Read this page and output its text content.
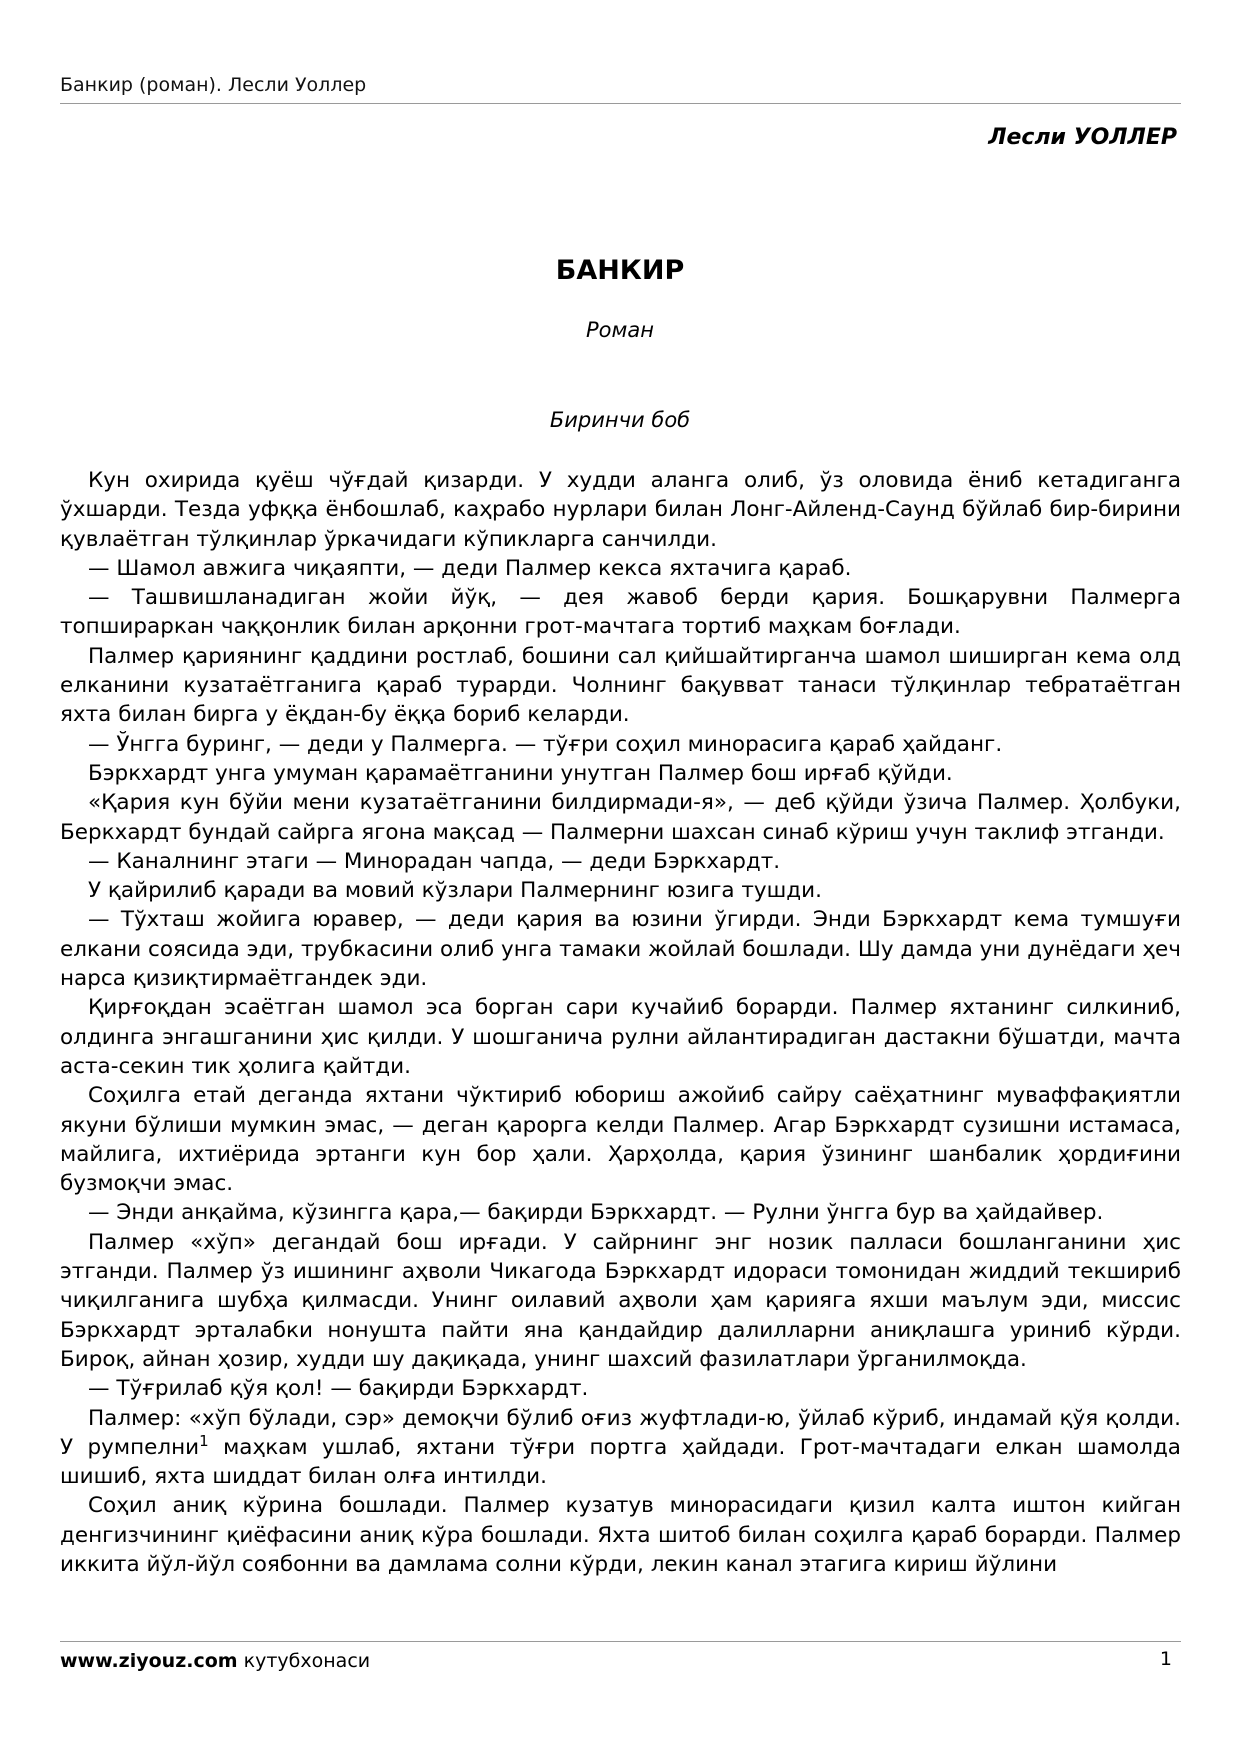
Банкир (роман). Лесли Уоллер
Лесли УОЛЛЕР
БАНКИР
Роман
Биринчи боб

Кун охирида қуёш чўғдай қизарди. У худди аланга олиб, ўз оловида ёниб кетадиганга ўхшарди. Тезда уфққа ёнбошлаб, каҳрабо нурлари билан Лонг-Айленд-Саунд бўйлаб бир-бирини қувлаётган тўлқинлар ўркачидаги кўпикларга санчилди.

— Шамол авжига чиқаяпти, — деди Палмер кекса яхтачига қараб.

— Ташвишланадиган жойи йўқ, — дея жавоб берди қария. Бошқарувни Палмерга топшираркан чаққонлик билан арқонни грот-мачтага тортиб маҳкам боғлади.

Палмер қариянинг қаддини ростлаб, бошини сал қийшайтирганча шамол шиширган кема олд елканини кузатаётганига қараб турарди. Чолнинг бақувват танаси тўлқинлар тебратаётган яхта билан бирга у ёқдан-бу ёққа бориб келарди.

— Ўнгга буринг, — деди у Палмерга. — тўғри соҳил минорасига қараб ҳайданг.

Бэркхардт унга умуман қарамаётганини унутган Палмер бош ирғаб қўйди.

«Қария кун бўйи мени кузатаётганини билдирмади-я», — деб қўйди ўзича Палмер. Ҳолбуки, Беркхардт бундай сайрга ягона мақсад — Палмерни шахсан синаб кўриш учун таклиф этганди.

— Каналнинг этаги — Минорадан чапда, — деди Бэркхардт.

У қайрилиб қаради ва мовий кўзлари Палмернинг юзига тушди.

— Тўхташ жойига юравер, — деди қария ва юзини ўгирди. Энди Бэркхардт кема тумшуғи елкани соясида эди, трубкасини олиб унга тамаки жойлай бошлади. Шу дамда уни дунёдаги ҳеч нарса қизиқтирмаётгандек эди.

Қирғоқдан эсаётган шамол эса борган сари кучайиб борарди. Палмер яхтанинг силкиниб, олдинга энгашганини ҳис қилди. У шошганича рулни айлантирадиган дастакни бўшатди, мачта аста-секин тик ҳолига қайтди.

Соҳилга етай деганда яхтани чўктириб юбориш ажойиб сайру саёҳатнинг муваффақиятли якуни бўлиши мумкин эмас, — деган қарорга келди Палмер. Агар Бэркхардт сузишни истамаса, майлига, ихтиёрида эртанги кун бор ҳали. Ҳарҳолда, қария ўзининг шанбалик ҳордиғини бузмоқчи эмас.

— Энди анқайма, кўзингга қара,— бақирди Бэркхардт. — Рулни ўнгга бур ва ҳайдайвер.

Палмер «хўп» дегандай бош ирғади. У сайрнинг энг нозик палласи бошланганини ҳис этганди. Палмер ўз ишининг аҳволи Чикагода Бэркхардт идораси томонидан жиддий текшириб чиқилганига шубҳа қилмасди. Унинг оилавий аҳволи ҳам қарияга яхши маълум эди, миссис Бэркхардт эрталабки нонушта пайти яна қандайдир далилларни аниқлашга уриниб кўрди. Бироқ, айнан ҳозир, худди шу дақиқада, унинг шахсий фазилатлари ўрганилмоқда.

— Тўғрилаб қўя қол! — бақирди Бэркхардт.

Палмер: «хўп бўлади, сэр» демоқчи бўлиб оғиз жуфтлади-ю, ўйлаб кўриб, индамай қўя қолди. У румпелни$^1$ маҳкам ушлаб, яхтани тўғри портга ҳайдади. Грот-мачтадаги елкан шамолда шишиб, яхта шиддат билан олға интилди.

Соҳил аниқ кўрина бошлади. Палмер кузатув минорасидаги қизил калта иштон кийган денгизчининг қиёфасини аниқ кўра бошлади. Яхта шитоб билан соҳилга қараб борарди. Палмер иккита йўл-йўл соябонни ва дамлама солни кўрди, лекин канал этагига кириш йўлини

www.ziyouz.com кутубхонаси	1
